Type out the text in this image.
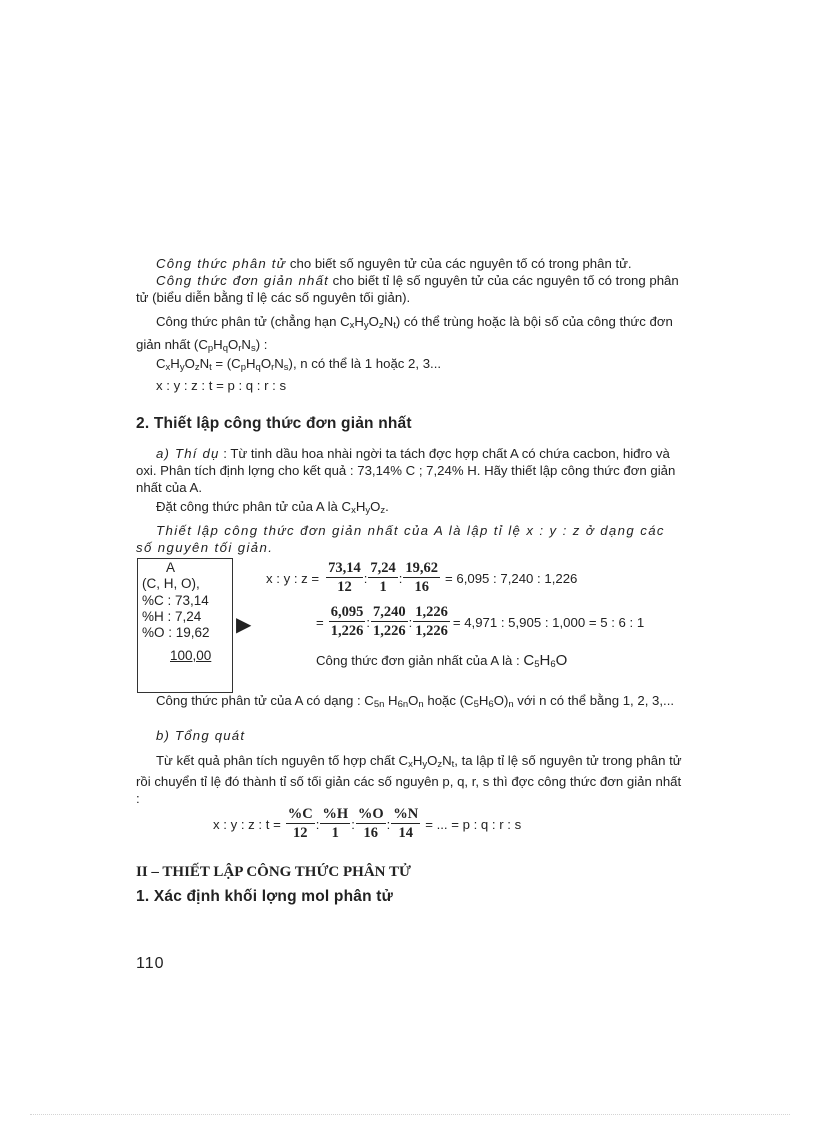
Công thức phân tử cho biết số nguyên tử của các nguyên tố có trong phân tử.

Công thức đơn giản nhất cho biết tỉ lệ số nguyên tử của các nguyên tố có trong phân tử (biểu diễn bằng tỉ lệ các số nguyên tối giản).

Công thức phân tử (chẳng hạn $C_xH_yO_zN_t$) có thể trùng hoặc là bội số của công thức đơn giản nhất $(C_pH_qO_rN_s)$ :

$C_xH_yO_zN_t = (C_pH_qO_rN_s)$, n có thể là 1 hoặc 2, 3...
x : y : z : t = p : q : r : s
2. Thiết lập công thức đơn giản nhất

a) Thí dụ : Từ tinh dầu hoa nhài ngời ta tách đợc hợp chất A có chứa cacbon, hiđro và oxi. Phân tích định lợng cho kết quả : 73,14% C ; 7,24% H. Hãy thiết lập công thức đơn giản nhất của A.

Đặt công thức phân tử của A là $C_xH_yO_z$.

Thiết lập công thức đơn giản nhất của A là lập tỉ lệ x : y : z ở dạng các số nguyên tối giản.

A
(C, H, O),
%C : 73,14
%H : 7,24
%O : 19,62
100,00
▶
x : y : $z = \frac{73,14}{12}$ : $\frac{7,24}{1}$ : $\frac{19,62}{16} = 6,095$ : 7,240 : 1,226
= $\frac{6,095}{1,226}$ : $\frac{7,240}{1,226}$ : $\frac{1,226}{1,226} = 4,971$ : 5,905 : 1,000 = 5 : 6 : 1
Công thức đơn giản nhất của A là : $C_5H_6O$

Công thức phân tử của A có dạng : $C_{5n}$ $H_{6n}O_n$ hoặc $(C_5H_6O)_n$ với n có thể bằng 1, 2, 3,...

b) Tổng quát

Từ kết quả phân tích nguyên tố hợp chất $C_xH_yO_zN_t$, ta lập tỉ lệ số nguyên tử trong phân tử rồi chuyển tỉ lệ đó thành tỉ số tối giản các số nguyên p, q, r, s thì đợc công thức đơn giản nhất :

x : y : z : $t = \frac{\%C}{12}$ : $\frac{\%H}{1}$ : $\frac{\%O}{16}$ : $\frac{\%N}{14}$ = ... = p : q : r : s
II – THIẾT LẬP CÔNG THỨC PHÂN TỬ
1. Xác định khối lợng mol phân tử
110
